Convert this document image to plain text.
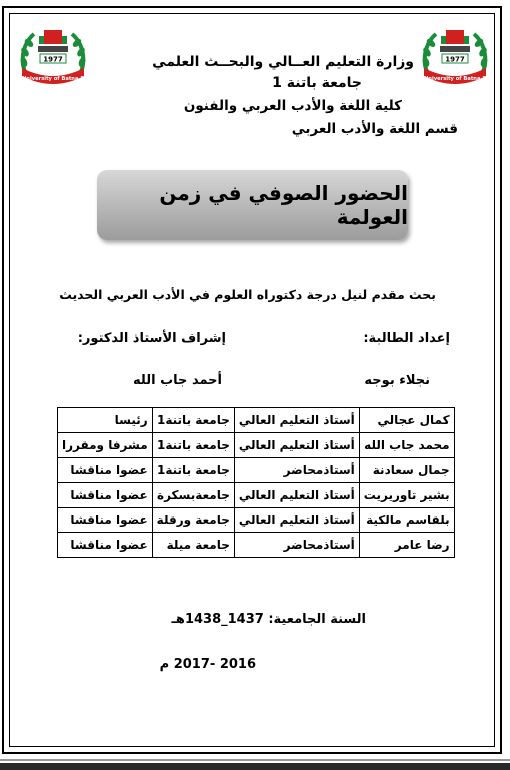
1977
University of Batna 1
1977
University of Batna 1
وزارة التعليم العــالي والبحــث العلمي
جامعة باتنة 1
كلية اللغة والأدب العربي والفنون
قسم اللغة والأدب العربي
الحضور الصوفي في زمن العولمة
بحث مقدم لنيل درجة دكتوراه العلوم في الأدب العربي الحديث
إعداد الطالبة:
إشراف الأستاذ الدكتور:
نجلاء بوجه
أحمد جاب الله
كمال عجالي	أستاذ التعليم العالي	جامعة باتنة1	رئيسا
محمد جاب الله	أستاذ التعليم العالي	جامعة باتنة1	مشرفا ومقررا
جمال سعادنة	أستاذمحاضر	جامعة باتنة1	عضوا مناقشا
بشير تاوريريت	أستاذ التعليم العالي	جامعةبسكرة	عضوا مناقشا
بلقاسم مالكية	أستاذ التعليم العالي	جامعة ورقلة	عضوا مناقشا
رضا عامر	أستاذمحاضر	جامعة ميلة	عضوا مناقشا
السنة الجامعية: 1437_1438هـ
2016 -2017 م
